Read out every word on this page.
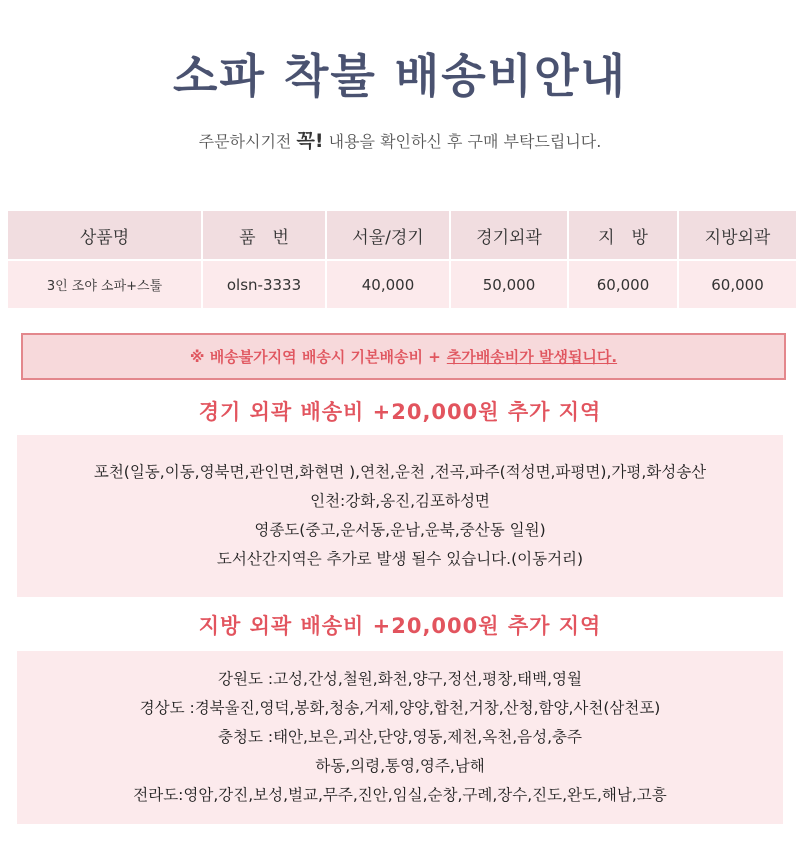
소파 착불 배송비안내

주문하시기전 꼭! 내용을 확인하신 후 구매 부탁드립니다.

상품명	품　번	서울/경기	경기외곽	지　방	지방외곽
3인 조야 소파+스툴	olsn-3333	40,000	50,000	60,000	60,000
※ 배송불가지역 배송시 기본배송비 + 추가배송비가 발생됩니다.
경기 외곽 배송비 +20,000원 추가 지역

포천(일동,이동,영북면,관인면,화현면 ),연천,운천 ,전곡,파주(적성면,파평면),가평,화성송산

인천:강화,옹진,김포하성면

영종도(중고,운서동,운남,운북,중산동 일원)

도서산간지역은 추가로 발생 될수 있습니다.(이동거리)

지방 외곽 배송비 +20,000원 추가 지역

강원도 :고성,간성,철원,화천,양구,정선,평창,태백,영월

경상도 :경북울진,영덕,봉화,청송,거제,양양,합천,거창,산청,함양,사천(삼천포)

충청도 :태안,보은,괴산,단양,영동,제천,옥천,음성,충주

하동,의령,통영,영주,남해

전라도:영암,강진,보성,벌교,무주,진안,임실,순창,구례,장수,진도,완도,해남,고흥
